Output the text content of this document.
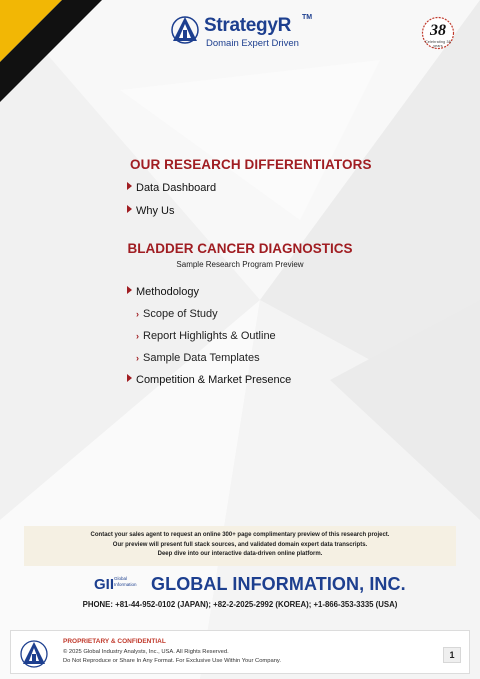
StrategyR TM
Domain Expert Driven
38
Celebrating 38 years
OUR RESEARCH DIFFERENTIATORS
Data Dashboard
Why Us
BLADDER CANCER DIAGNOSTICS
Sample Research Program Preview
Methodology
› Scope of Study
› Report Highlights & Outline
› Sample Data Templates
Competition & Market Presence
Contact your sales agent to request an online 300+ page complimentary preview of this research project.
Our preview will present full stack sources, and validated domain expert data transcripts.
Deep dive into our interactive data-driven online platform.
GII Global Information GLOBAL INFORMATION, INC.
PHONE: +81-44-952-0102 (JAPAN); +82-2-2025-2992 (KOREA); +1-866-353-3335 (USA)
PROPRIETARY & CONFIDENTIAL
© 2025 Global Industry Analysts, Inc., USA. All Rights Reserved.
Do Not Reproduce or Share In Any Format. For Exclusive Use Within Your Company.
1
